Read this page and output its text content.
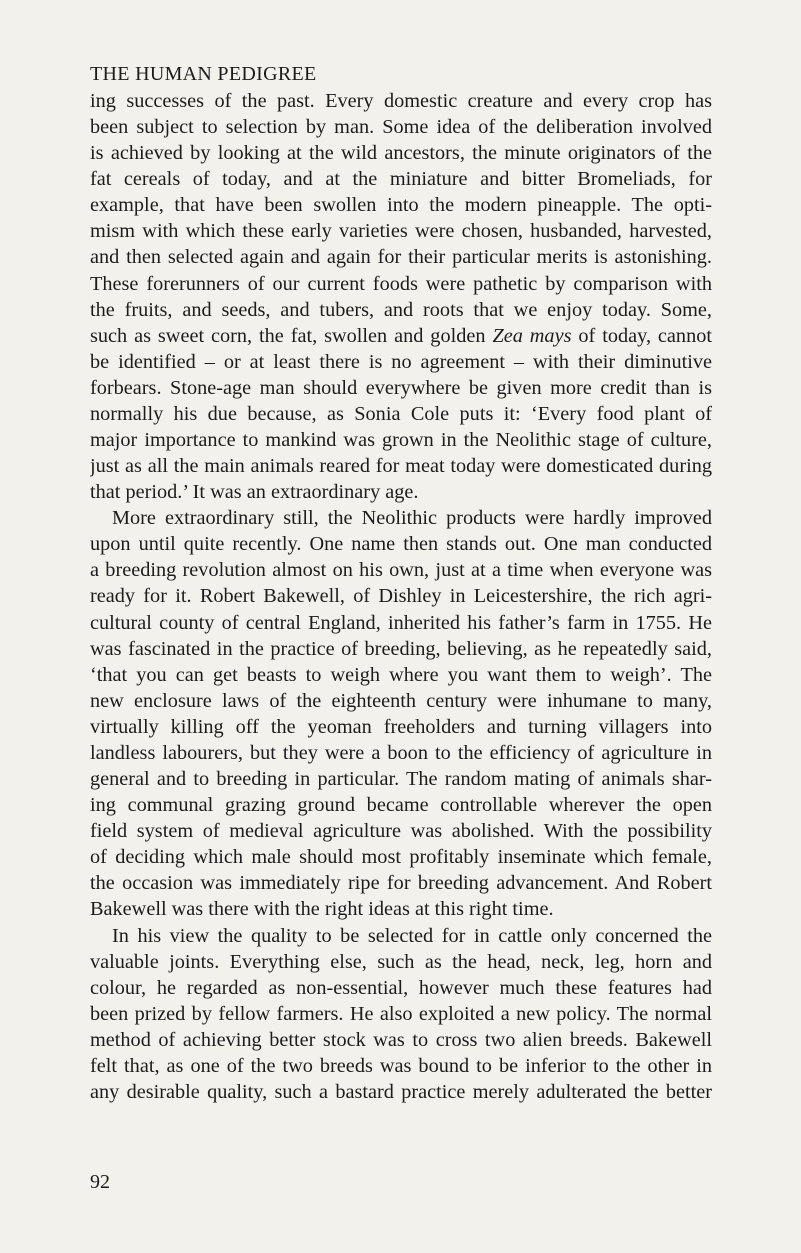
THE HUMAN PEDIGREE
ing successes of the past. Every domestic creature and every crop has
been subject to selection by man. Some idea of the deliberation involved
is achieved by looking at the wild ancestors, the minute originators of the
fat cereals of today, and at the miniature and bitter Bromeliads, for
example, that have been swollen into the modern pineapple. The opti-
mism with which these early varieties were chosen, husbanded, harvested,
and then selected again and again for their particular merits is astonishing.
These forerunners of our current foods were pathetic by comparison with
the fruits, and seeds, and tubers, and roots that we enjoy today. Some,
such as sweet corn, the fat, swollen and golden Zea mays of today, cannot
be identified – or at least there is no agreement – with their diminutive
forbears. Stone-age man should everywhere be given more credit than is
normally his due because, as Sonia Cole puts it: ‘Every food plant of
major importance to mankind was grown in the Neolithic stage of culture,
just as all the main animals reared for meat today were domesticated during
that period.’ It was an extraordinary age.
More extraordinary still, the Neolithic products were hardly improved
upon until quite recently. One name then stands out. One man conducted
a breeding revolution almost on his own, just at a time when everyone was
ready for it. Robert Bakewell, of Dishley in Leicestershire, the rich agri-
cultural county of central England, inherited his father’s farm in 1755. He
was fascinated in the practice of breeding, believing, as he repeatedly said,
‘that you can get beasts to weigh where you want them to weigh’. The
new enclosure laws of the eighteenth century were inhumane to many,
virtually killing off the yeoman freeholders and turning villagers into
landless labourers, but they were a boon to the efficiency of agriculture in
general and to breeding in particular. The random mating of animals shar-
ing communal grazing ground became controllable wherever the open
field system of medieval agriculture was abolished. With the possibility
of deciding which male should most profitably inseminate which female,
the occasion was immediately ripe for breeding advancement. And Robert
Bakewell was there with the right ideas at this right time.
In his view the quality to be selected for in cattle only concerned the
valuable joints. Everything else, such as the head, neck, leg, horn and
colour, he regarded as non-essential, however much these features had
been prized by fellow farmers. He also exploited a new policy. The normal
method of achieving better stock was to cross two alien breeds. Bakewell
felt that, as one of the two breeds was bound to be inferior to the other in
any desirable quality, such a bastard practice merely adulterated the better
92
